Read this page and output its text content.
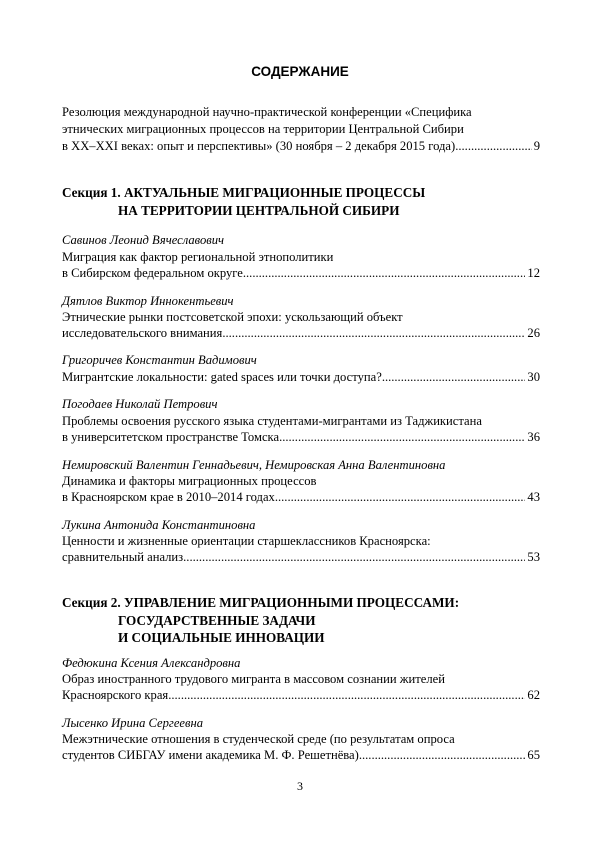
СОДЕРЖАНИЕ
Резолюция международной научно-практической конференции «Специфика
этнических миграционных процессов на территории Центральной Сибири
в XX–XXI веках: опыт и перспективы» (30 ноября – 2 декабря 2015 года) .....	9
Секция 1. АКТУАЛЬНЫЕ МИГРАЦИОННЫЕ ПРОЦЕССЫ
НА ТЕРРИТОРИИ ЦЕНТРАЛЬНОЙ СИБИРИ
Савинов Леонид Вячеславович
Миграция как фактор региональной этнополитики
в Сибирском федеральном округе .....	12
Дятлов Виктор Иннокентьевич
Этнические рынки постсоветской эпохи: ускользающий объект
исследовательского внимания .....	26
Григоричев Константин Вадимович
Мигрантские локальности: gated spaces или точки доступа? .....	30
Погодаев Николай Петрович
Проблемы освоения русского языка студентами-мигрантами из Таджикистана
в университетском пространстве Томска .....	36
Немировский Валентин Геннадьевич, Немировская Анна Валентиновна
Динамика и факторы миграционных процессов
в Красноярском крае в 2010–2014 годах .....	43
Лукина Антонида Константиновна
Ценности и жизненные ориентации старшеклассников Красноярска:
сравнительный анализ .....	53
Секция 2. УПРАВЛЕНИЕ МИГРАЦИОННЫМИ ПРОЦЕССАМИ:
ГОСУДАРСТВЕННЫЕ ЗАДАЧИ
И СОЦИАЛЬНЫЕ ИННОВАЦИИ
Федюкина Ксения Александровна
Образ иностранного трудового мигранта в массовом сознании жителей
Красноярского края .....	62
Лысенко Ирина Сергеевна
Межэтнические отношения в студенческой среде (по результатам опроса
студентов СИБГАУ имени академика М. Ф. Решетнёва) .....	65
3
